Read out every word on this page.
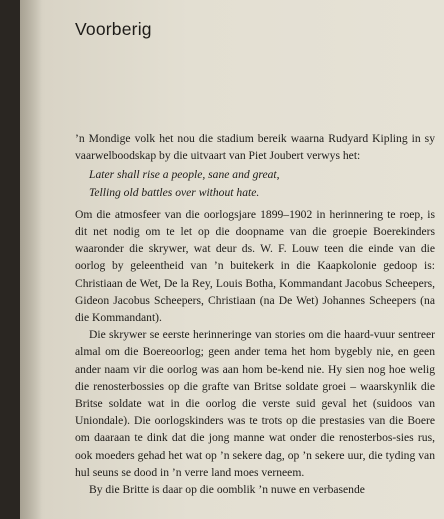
Voorberig

’n Mondige volk het nou die stadium bereik waarna Rudyard Kipling in sy vaarwelboodskap by die uitvaart van Piet Joubert verwys het:

Later shall rise a people, sane and great,
Telling old battles over without hate.

Om die atmosfeer van die oorlogsjare 1899–1902 in herinnering te roep, is dit net nodig om te let op die doopname van die groepie Boerekinders waaronder die skrywer, wat deur ds. W. F. Louw teen die einde van die oorlog by geleentheid van ’n buitekerk in die Kaapkolonie gedoop is: Christiaan de Wet, De la Rey, Louis Botha, Kommandant Jacobus Scheepers, Gideon Jacobus Scheepers, Christiaan (na De Wet) Johannes Scheepers (na die Kommandant).

Die skrywer se eerste herinneringe van stories om die haard-vuur sentreer almal om die Boereoorlog; geen ander tema het hom bygebly nie, en geen ander naam vir die oorlog was aan hom be-kend nie. Hy sien nog hoe welig die renosterbossies op die grafte van Britse soldate groei – waarskynlik die Britse soldate wat in die oorlog die verste suid geval het (suidoos van Uniondale). Die oorlogskinders was te trots op die prestasies van die Boere om daaraan te dink dat die jong manne wat onder die renosterbos-sies rus, ook moeders gehad het wat op ’n sekere dag, op ’n sekere uur, die tyding van hul seuns se dood in ’n verre land moes verneem.

By die Britte is daar op die oomblik ’n nuwe en verbasende
